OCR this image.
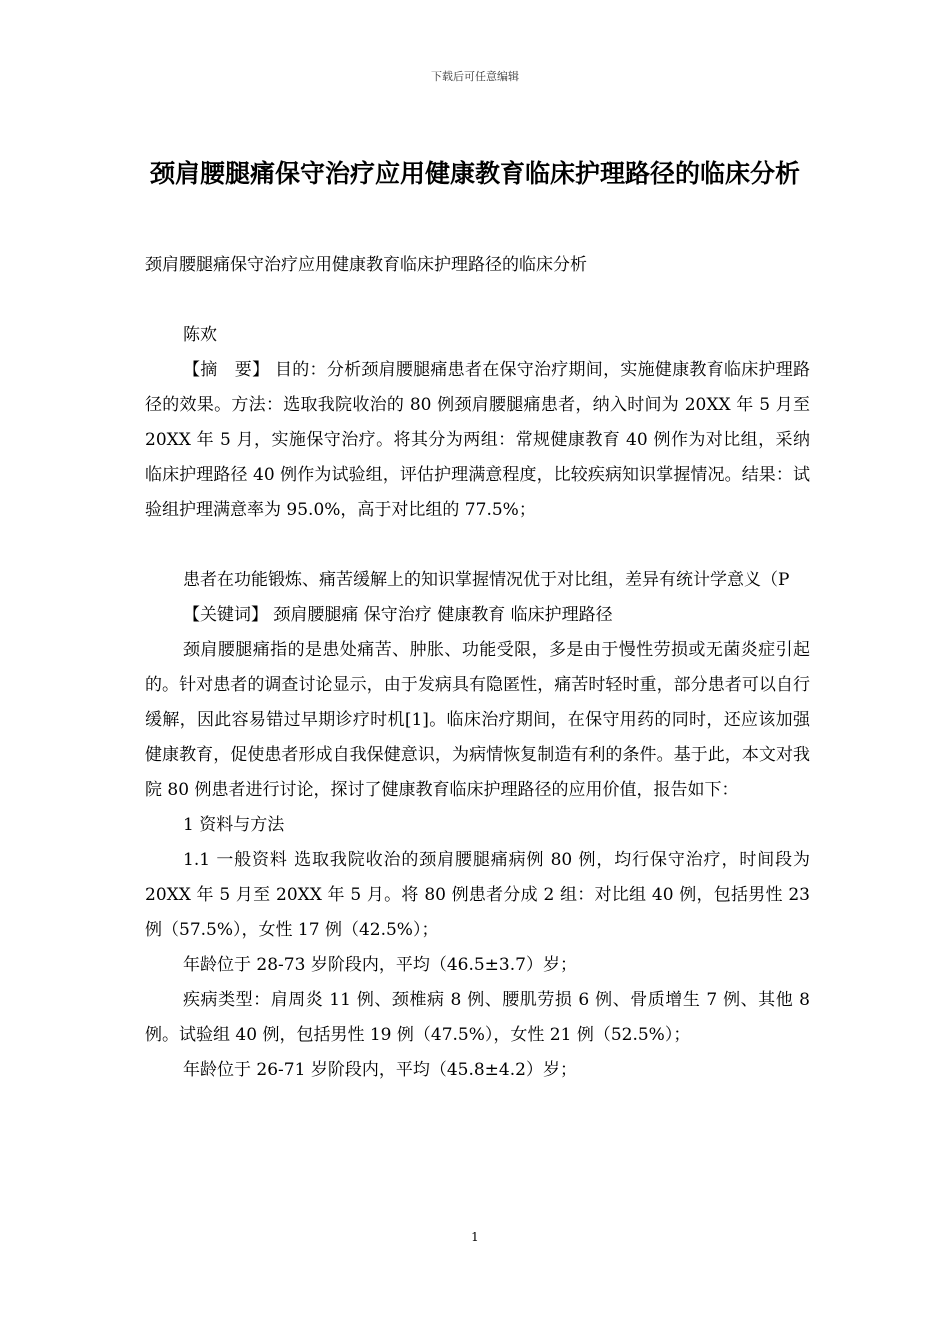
下载后可任意编辑
颈肩腰腿痛保守治疗应用健康教育临床护理路径的临床分析

颈肩腰腿痛保守治疗应用健康教育临床护理路径的临床分析

陈欢

【摘　要】 目的：分析颈肩腰腿痛患者在保守治疗期间，实施健康教育临床护理路径的效果。方法：选取我院收治的 80 例颈肩腰腿痛患者，纳入时间为 20XX 年 5 月至 20XX 年 5 月，实施保守治疗。将其分为两组：常规健康教育 40 例作为对比组，采纳临床护理路径 40 例作为试验组，评估护理满意程度，比较疾病知识掌握情况。结果：试验组护理满意率为 95.0%，高于对比组的 77.5%；

患者在功能锻炼、痛苦缓解上的知识掌握情况优于对比组，差异有统计学意义（P

【关键词】 颈肩腰腿痛 保守治疗 健康教育 临床护理路径

颈肩腰腿痛指的是患处痛苦、肿胀、功能受限，多是由于慢性劳损或无菌炎症引起的。针对患者的调查讨论显示，由于发病具有隐匿性，痛苦时轻时重，部分患者可以自行缓解，因此容易错过早期诊疗时机[1]。临床治疗期间，在保守用药的同时，还应该加强健康教育，促使患者形成自我保健意识，为病情恢复制造有利的条件。基于此，本文对我院 80 例患者进行讨论，探讨了健康教育临床护理路径的应用价值，报告如下：

1 资料与方法

1.1 一般资料 选取我院收治的颈肩腰腿痛病例 80 例，均行保守治疗，时间段为 20XX 年 5 月至 20XX 年 5 月。将 80 例患者分成 2 组：对比组 40 例，包括男性 23 例（57.5%），女性 17 例（42.5%）；

年龄位于 28-73 岁阶段内，平均（46.5±3.7）岁；

疾病类型：肩周炎 11 例、颈椎病 8 例、腰肌劳损 6 例、骨质增生 7 例、其他 8 例。试验组 40 例，包括男性 19 例（47.5%），女性 21 例（52.5%）；

年龄位于 26-71 岁阶段内，平均（45.8±4.2）岁；

1
